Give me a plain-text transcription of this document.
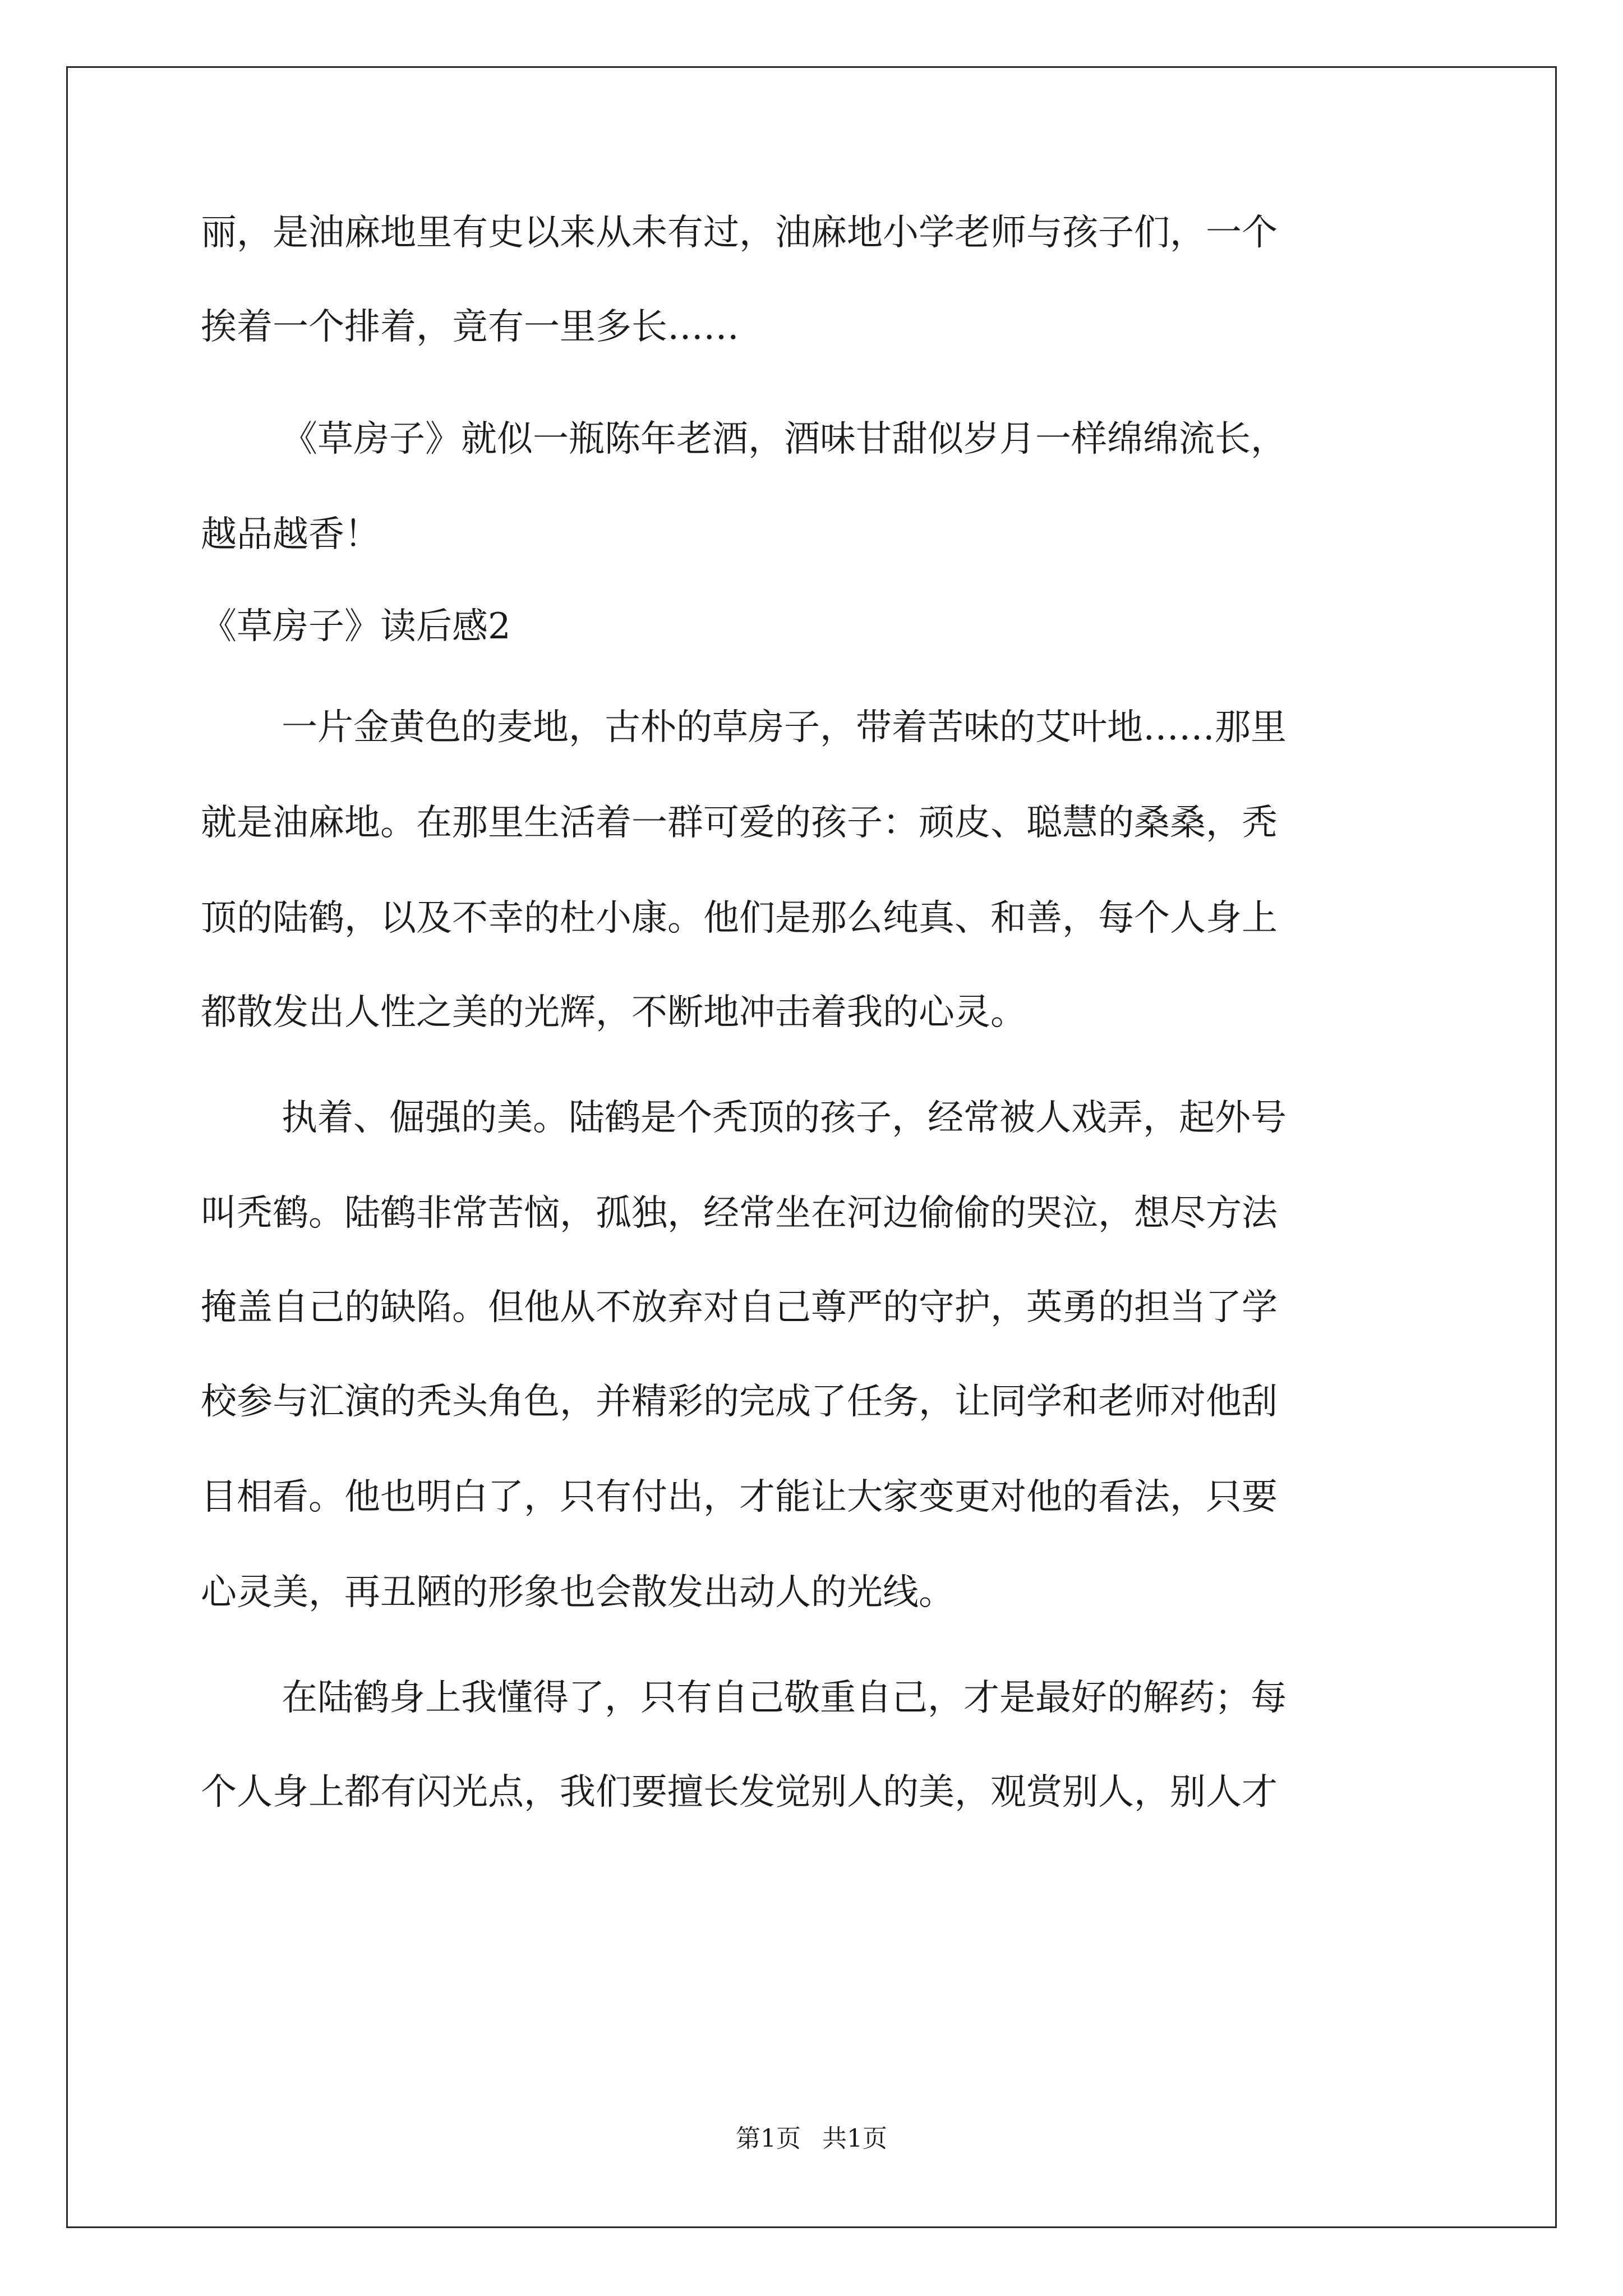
丽，是油麻地里有史以来从未有过，油麻地小学老师与孩子们，一个
挨着一个排着，竟有一里多长……
《草房子》就似一瓶陈年老酒，酒味甘甜似岁月一样绵绵流长，
越品越香！
《草房子》读后感2
一片金黄色的麦地，古朴的草房子，带着苦味的艾叶地……那里
就是油麻地。在那里生活着一群可爱的孩子：顽皮、聪慧的桑桑，秃
顶的陆鹤，以及不幸的杜小康。他们是那么纯真、和善，每个人身上
都散发出人性之美的光辉，不断地冲击着我的心灵。
执着、倔强的美。陆鹤是个秃顶的孩子，经常被人戏弄，起外号
叫秃鹤。陆鹤非常苦恼，孤独，经常坐在河边偷偷的哭泣，想尽方法
掩盖自己的缺陷。但他从不放弃对自己尊严的守护，英勇的担当了学
校参与汇演的秃头角色，并精彩的完成了任务，让同学和老师对他刮
目相看。他也明白了，只有付出，才能让大家变更对他的看法，只要
心灵美，再丑陋的形象也会散发出动人的光线。
在陆鹤身上我懂得了，只有自己敬重自己，才是最好的解药；每
个人身上都有闪光点，我们要擅长发觉别人的美，观赏别人，别人才
第1页 共1页
